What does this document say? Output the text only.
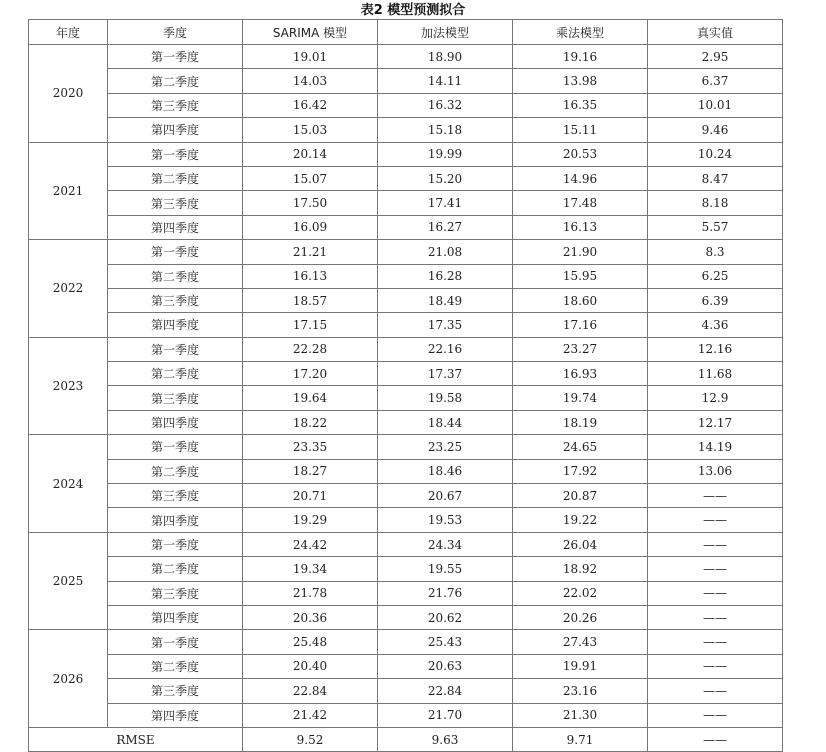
表2 模型预测拟合
年度	季度	SARIMA 模型	加法模型	乘法模型	真实值
2020	第一季度	19.01	18.90	19.16	2.95
	第二季度	14.03	14.11	13.98	6.37
	第三季度	16.42	16.32	16.35	10.01
	第四季度	15.03	15.18	15.11	9.46
2021	第一季度	20.14	19.99	20.53	10.24
	第二季度	15.07	15.20	14.96	8.47
	第三季度	17.50	17.41	17.48	8.18
	第四季度	16.09	16.27	16.13	5.57
2022	第一季度	21.21	21.08	21.90	8.3
	第二季度	16.13	16.28	15.95	6.25
	第三季度	18.57	18.49	18.60	6.39
	第四季度	17.15	17.35	17.16	4.36
2023	第一季度	22.28	22.16	23.27	12.16
	第二季度	17.20	17.37	16.93	11.68
	第三季度	19.64	19.58	19.74	12.9
	第四季度	18.22	18.44	18.19	12.17
2024	第一季度	23.35	23.25	24.65	14.19
	第二季度	18.27	18.46	17.92	13.06
	第三季度	20.71	20.67	20.87	——
	第四季度	19.29	19.53	19.22	——
2025	第一季度	24.42	24.34	26.04	——
	第二季度	19.34	19.55	18.92	——
	第三季度	21.78	21.76	22.02	——
	第四季度	20.36	20.62	20.26	——
2026	第一季度	25.48	25.43	27.43	——
	第二季度	20.40	20.63	19.91	——
	第三季度	22.84	22.84	23.16	——
	第四季度	21.42	21.70	21.30	——
RMSE		9.52	9.63	9.71	——
